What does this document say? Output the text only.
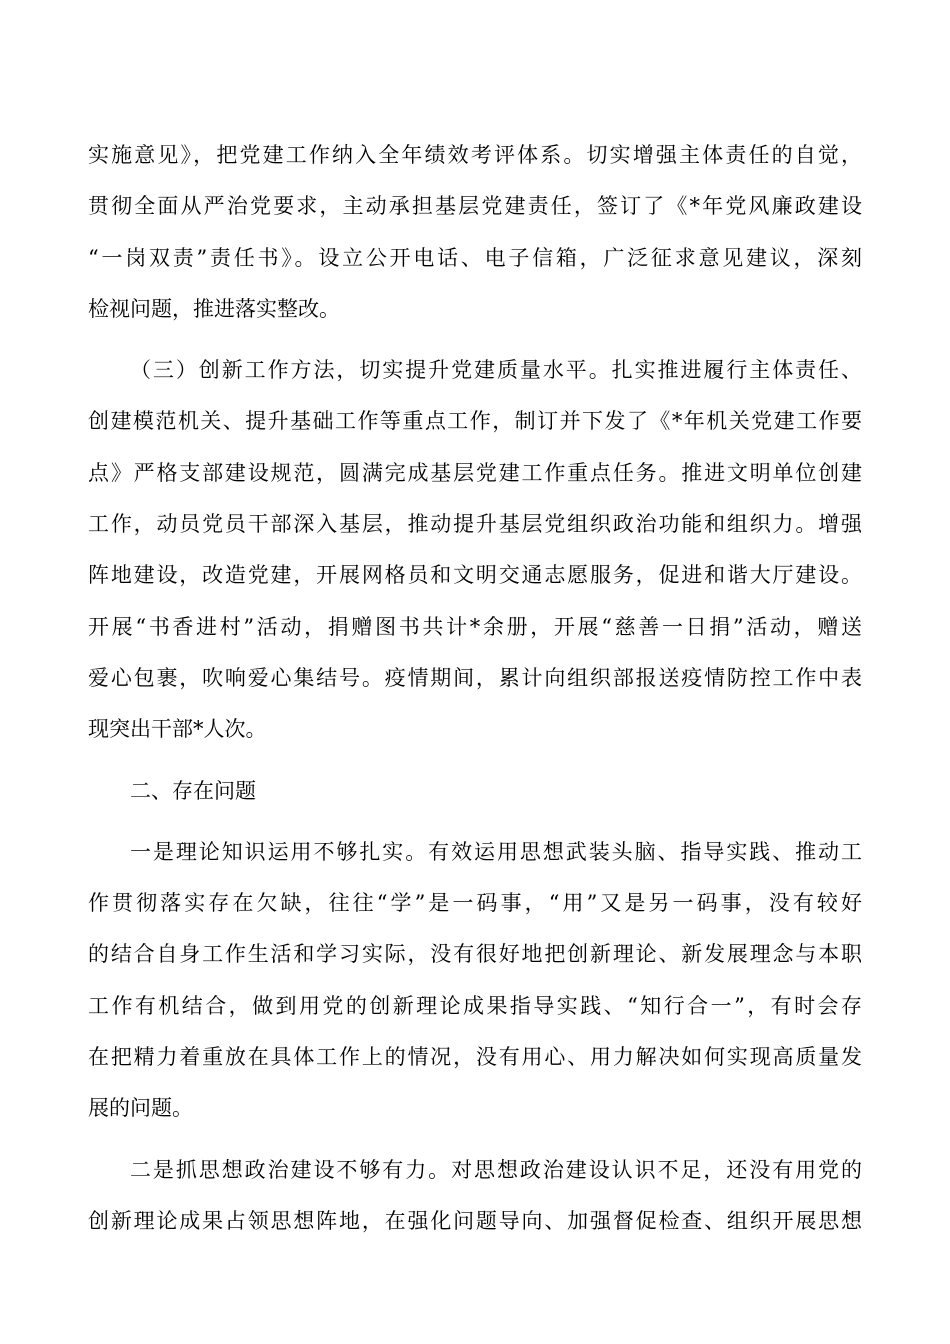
实施意见》，把党建工作纳入全年绩效考评体系。切实增强主体责任的自觉，
贯彻全面从严治党要求，主动承担基层党建责任，签订了《*年党风廉政建设
“一岗双责”责任书》。设立公开电话、电子信箱，广泛征求意见建议，深刻
检视问题，推进落实整改。
（三）创新工作方法，切实提升党建质量水平。扎实推进履行主体责任、
创建模范机关、提升基础工作等重点工作，制订并下发了《*年机关党建工作要
点》严格支部建设规范，圆满完成基层党建工作重点任务。推进文明单位创建
工作，动员党员干部深入基层，推动提升基层党组织政治功能和组织力。增强
阵地建设，改造党建，开展网格员和文明交通志愿服务，促进和谐大厅建设。
开展“书香进村”活动，捐赠图书共计*余册，开展“慈善一日捐”活动，赠送
爱心包裹，吹响爱心集结号。疫情期间，累计向组织部报送疫情防控工作中表
现突出干部*人次。
二、存在问题
一是理论知识运用不够扎实。有效运用思想武装头脑、指导实践、推动工
作贯彻落实存在欠缺，往往“学”是一码事，“用”又是另一码事，没有较好
的结合自身工作生活和学习实际，没有很好地把创新理论、新发展理念与本职
工作有机结合，做到用党的创新理论成果指导实践、“知行合一”，有时会存
在把精力着重放在具体工作上的情况，没有用心、用力解决如何实现高质量发
展的问题。
二是抓思想政治建设不够有力。对思想政治建设认识不足，还没有用党的
创新理论成果占领思想阵地，在强化问题导向、加强督促检查、组织开展思想
